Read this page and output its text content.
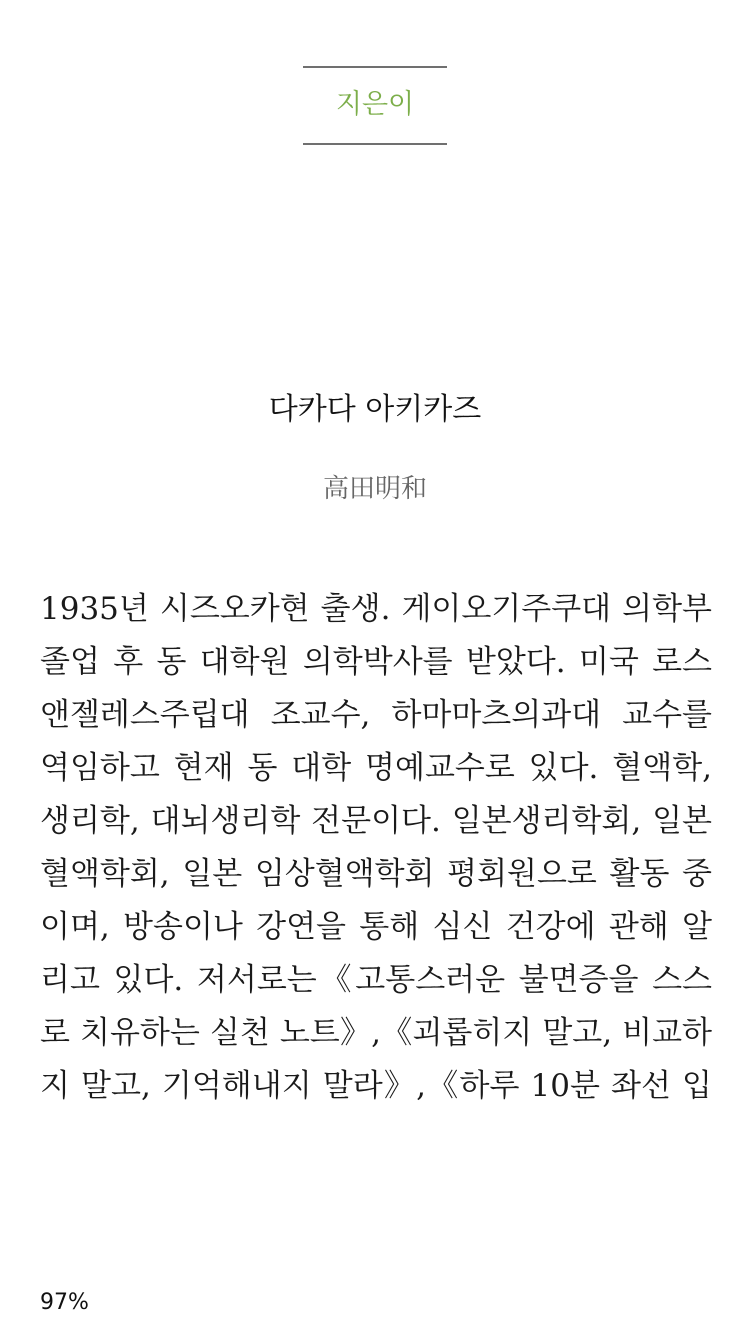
지은이
다카다 아키카즈
高田明和
1935년 시즈오카현 출생. 게이오기주쿠대 의학부
졸업 후 동 대학원 의학박사를 받았다. 미국 로스
앤젤레스주립대 조교수, 하마마츠의과대 교수를
역임하고 현재 동 대학 명예교수로 있다. 혈액학,
생리학, 대뇌생리학 전문이다. 일본생리학회, 일본
혈액학회, 일본 임상혈액학회 평회원으로 활동 중
이며, 방송이나 강연을 통해 심신 건강에 관해 알
리고 있다. 저서로는《고통스러운 불면증을 스스
로 치유하는 실천 노트》,《괴롭히지 말고, 비교하
지 말고, 기억해내지 말라》,《하루 10분 좌선 입
97%
